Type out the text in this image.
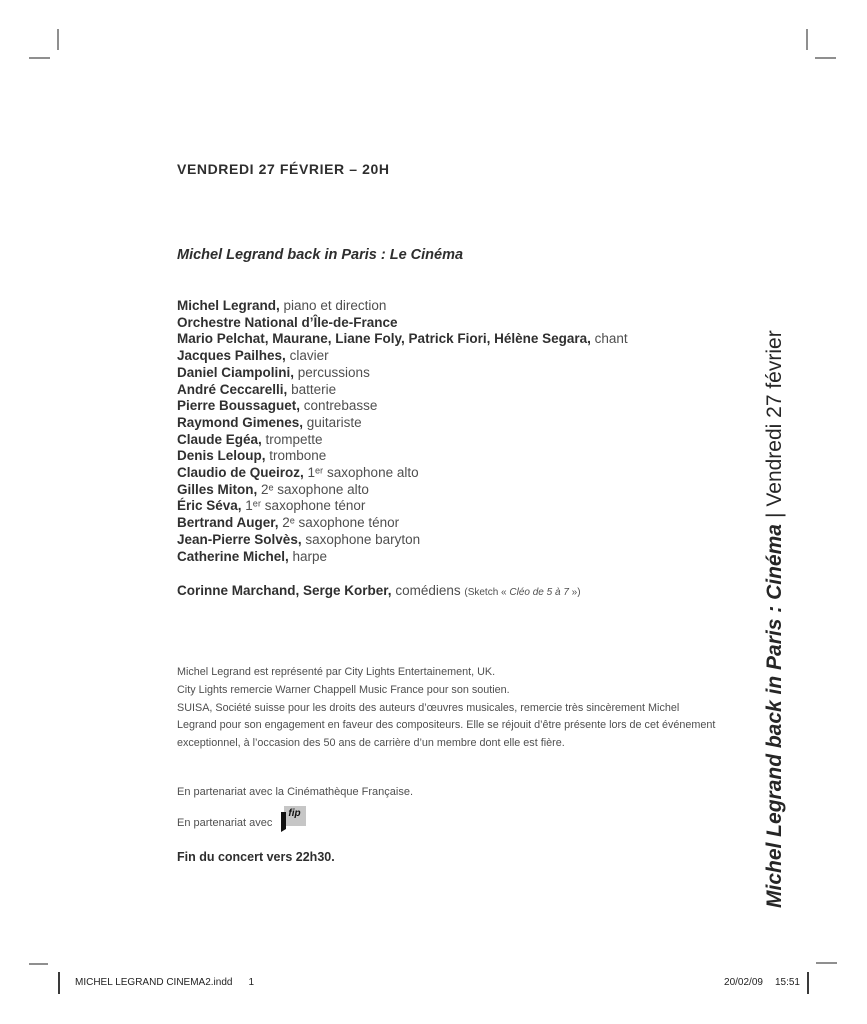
VENDREDI 27 FÉVRIER – 20H
Michel Legrand back in Paris : Le Cinéma
Michel Legrand, piano et direction
Orchestre National d’Île-de-France
Mario Pelchat, Maurane, Liane Foly, Patrick Fiori, Hélène Segara, chant
Jacques Pailhes, clavier
Daniel Ciampolini, percussions
André Ceccarelli, batterie
Pierre Boussaguet, contrebasse
Raymond Gimenes, guitariste
Claude Egéa, trompette
Denis Leloup, trombone
Claudio de Queiroz, 1ᵉʳ saxophone alto
Gilles Miton, 2ᵉ saxophone alto
Éric Séva, 1ᵉʳ saxophone ténor
Bertrand Auger, 2ᵉ saxophone ténor
Jean-Pierre Solvès, saxophone baryton
Catherine Michel, harpe
Corinne Marchand, Serge Korber, comédiens (Sketch « Cléo de 5 à 7 »)

Michel Legrand est représenté par City Lights Entertainement, UK.

City Lights remercie Warner Chappell Music France pour son soutien.

SUISA, Société suisse pour les droits des auteurs d’œuvres musicales, remercie très sincèrement Michel Legrand pour son engagement en faveur des compositeurs. Elle se réjouit d’être présente lors de cet événement exceptionnel, à l’occasion des 50 ans de carrière d’un membre dont elle est fière.

En partenariat avec la Cinémathèque Française.
En partenariat avec
fip
Fin du concert vers 22h30.	Michel Legrand back in Paris : Cinéma|Vendredi 27 février
MICHEL LEGRAND CINEMA2.indd 1	20/02/09 15:51
